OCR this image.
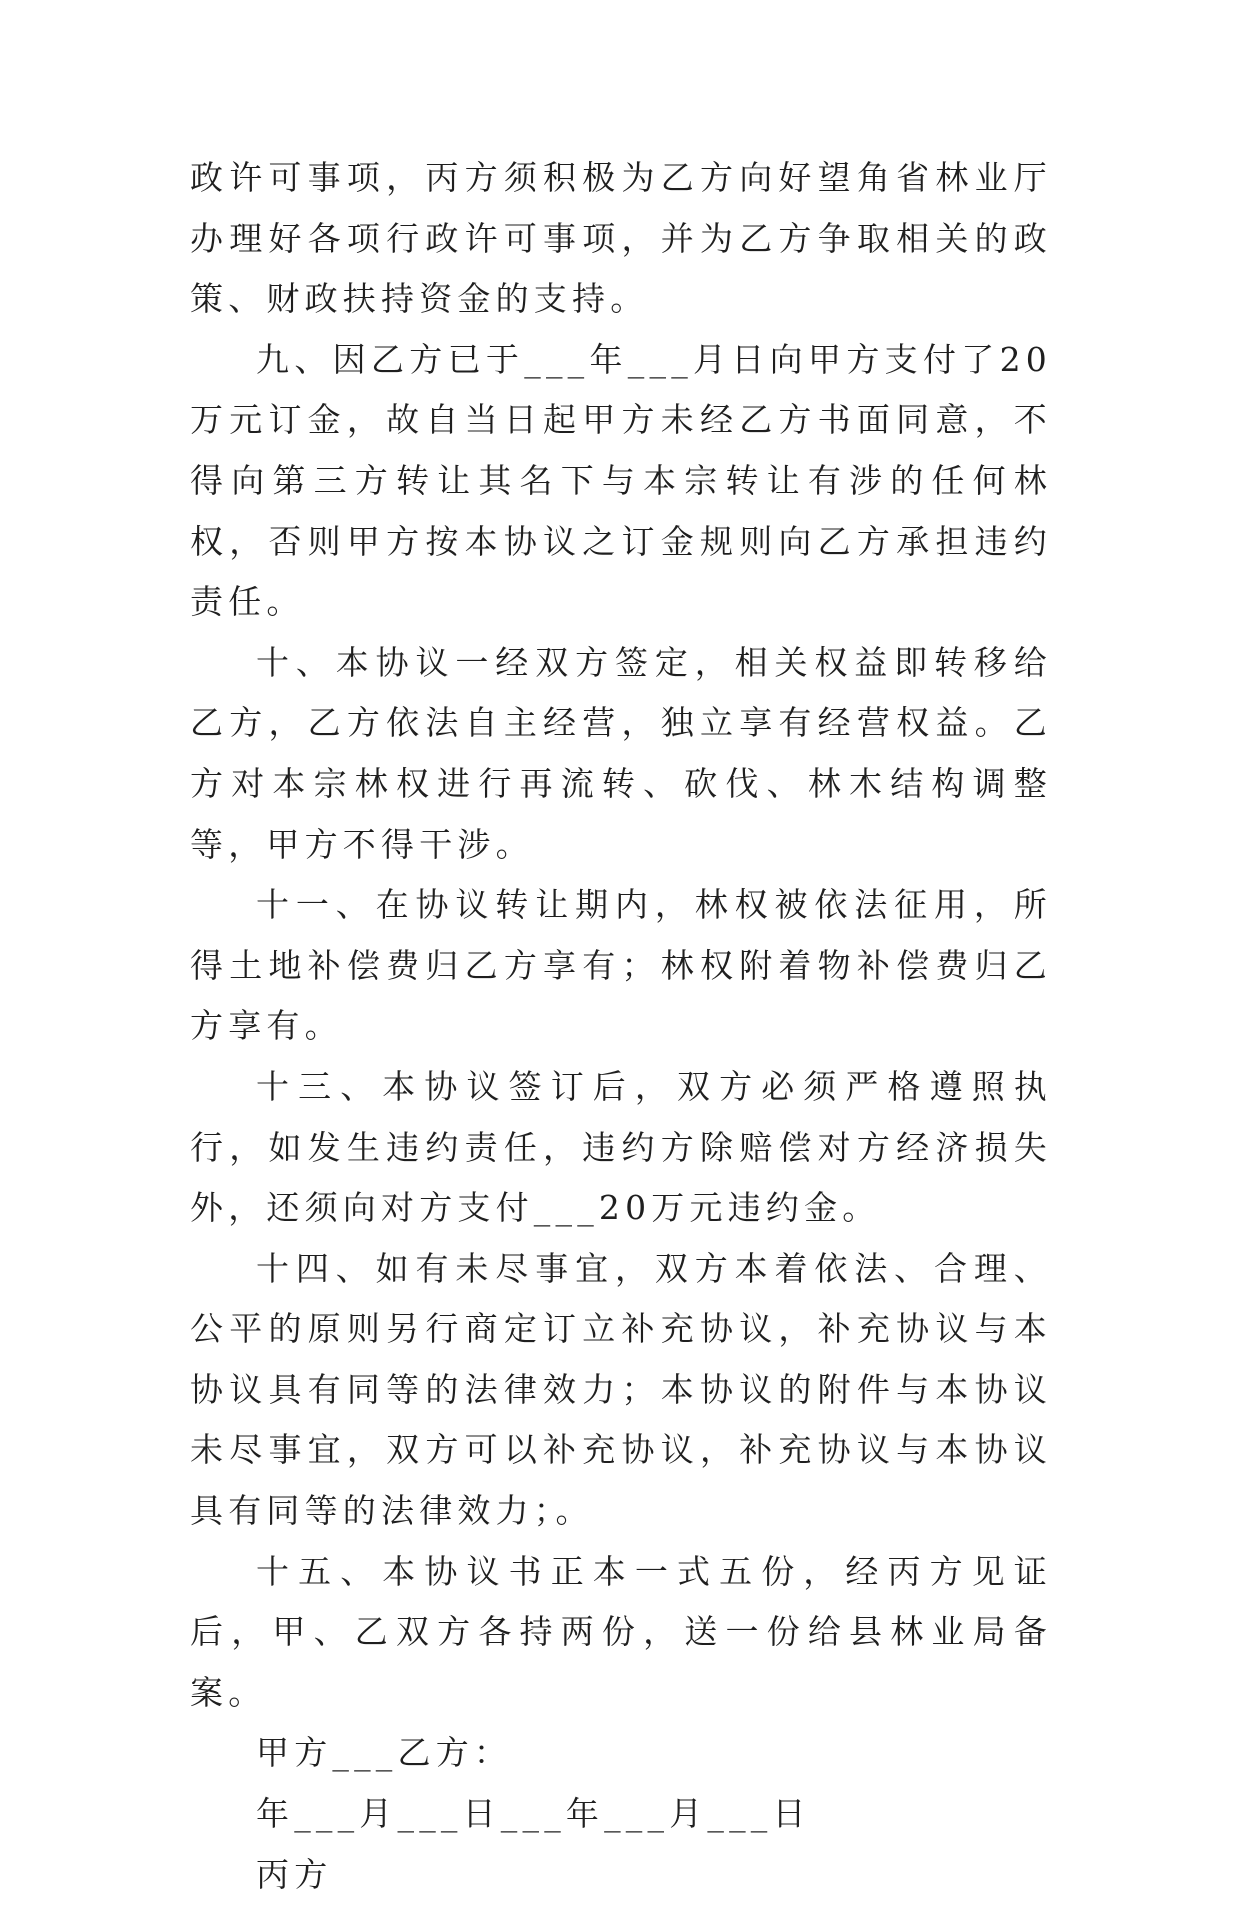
政许可事项，丙方须积极为乙方向好望角省林业厅办理好各项行政许可事项，并为乙方争取相关的政策、财政扶持资金的支持。

九、因乙方已于___年___月日向甲方支付了20万元订金，故自当日起甲方未经乙方书面同意，不得向第三方转让其名下与本宗转让有涉的任何林权，否则甲方按本协议之订金规则向乙方承担违约责任。

十、本协议一经双方签定，相关权益即转移给乙方，乙方依法自主经营，独立享有经营权益。乙方对本宗林权进行再流转、砍伐、林木结构调整等，甲方不得干涉。

十一、在协议转让期内，林权被依法征用，所得土地补偿费归乙方享有；林权附着物补偿费归乙方享有。

十三、本协议签订后，双方必须严格遵照执行，如发生违约责任，违约方除赔偿对方经济损失外，还须向对方支付___20万元违约金。

十四、如有未尽事宜，双方本着依法、合理、公平的原则另行商定订立补充协议，补充协议与本协议具有同等的法律效力；本协议的附件与本协议未尽事宜，双方可以补充协议，补充协议与本协议具有同等的法律效力；。

十五、本协议书正本一式五份，经丙方见证后，甲、乙双方各持两份，送一份给县林业局备案。

甲方___乙方：

年___月___日___年___月___日

丙方
